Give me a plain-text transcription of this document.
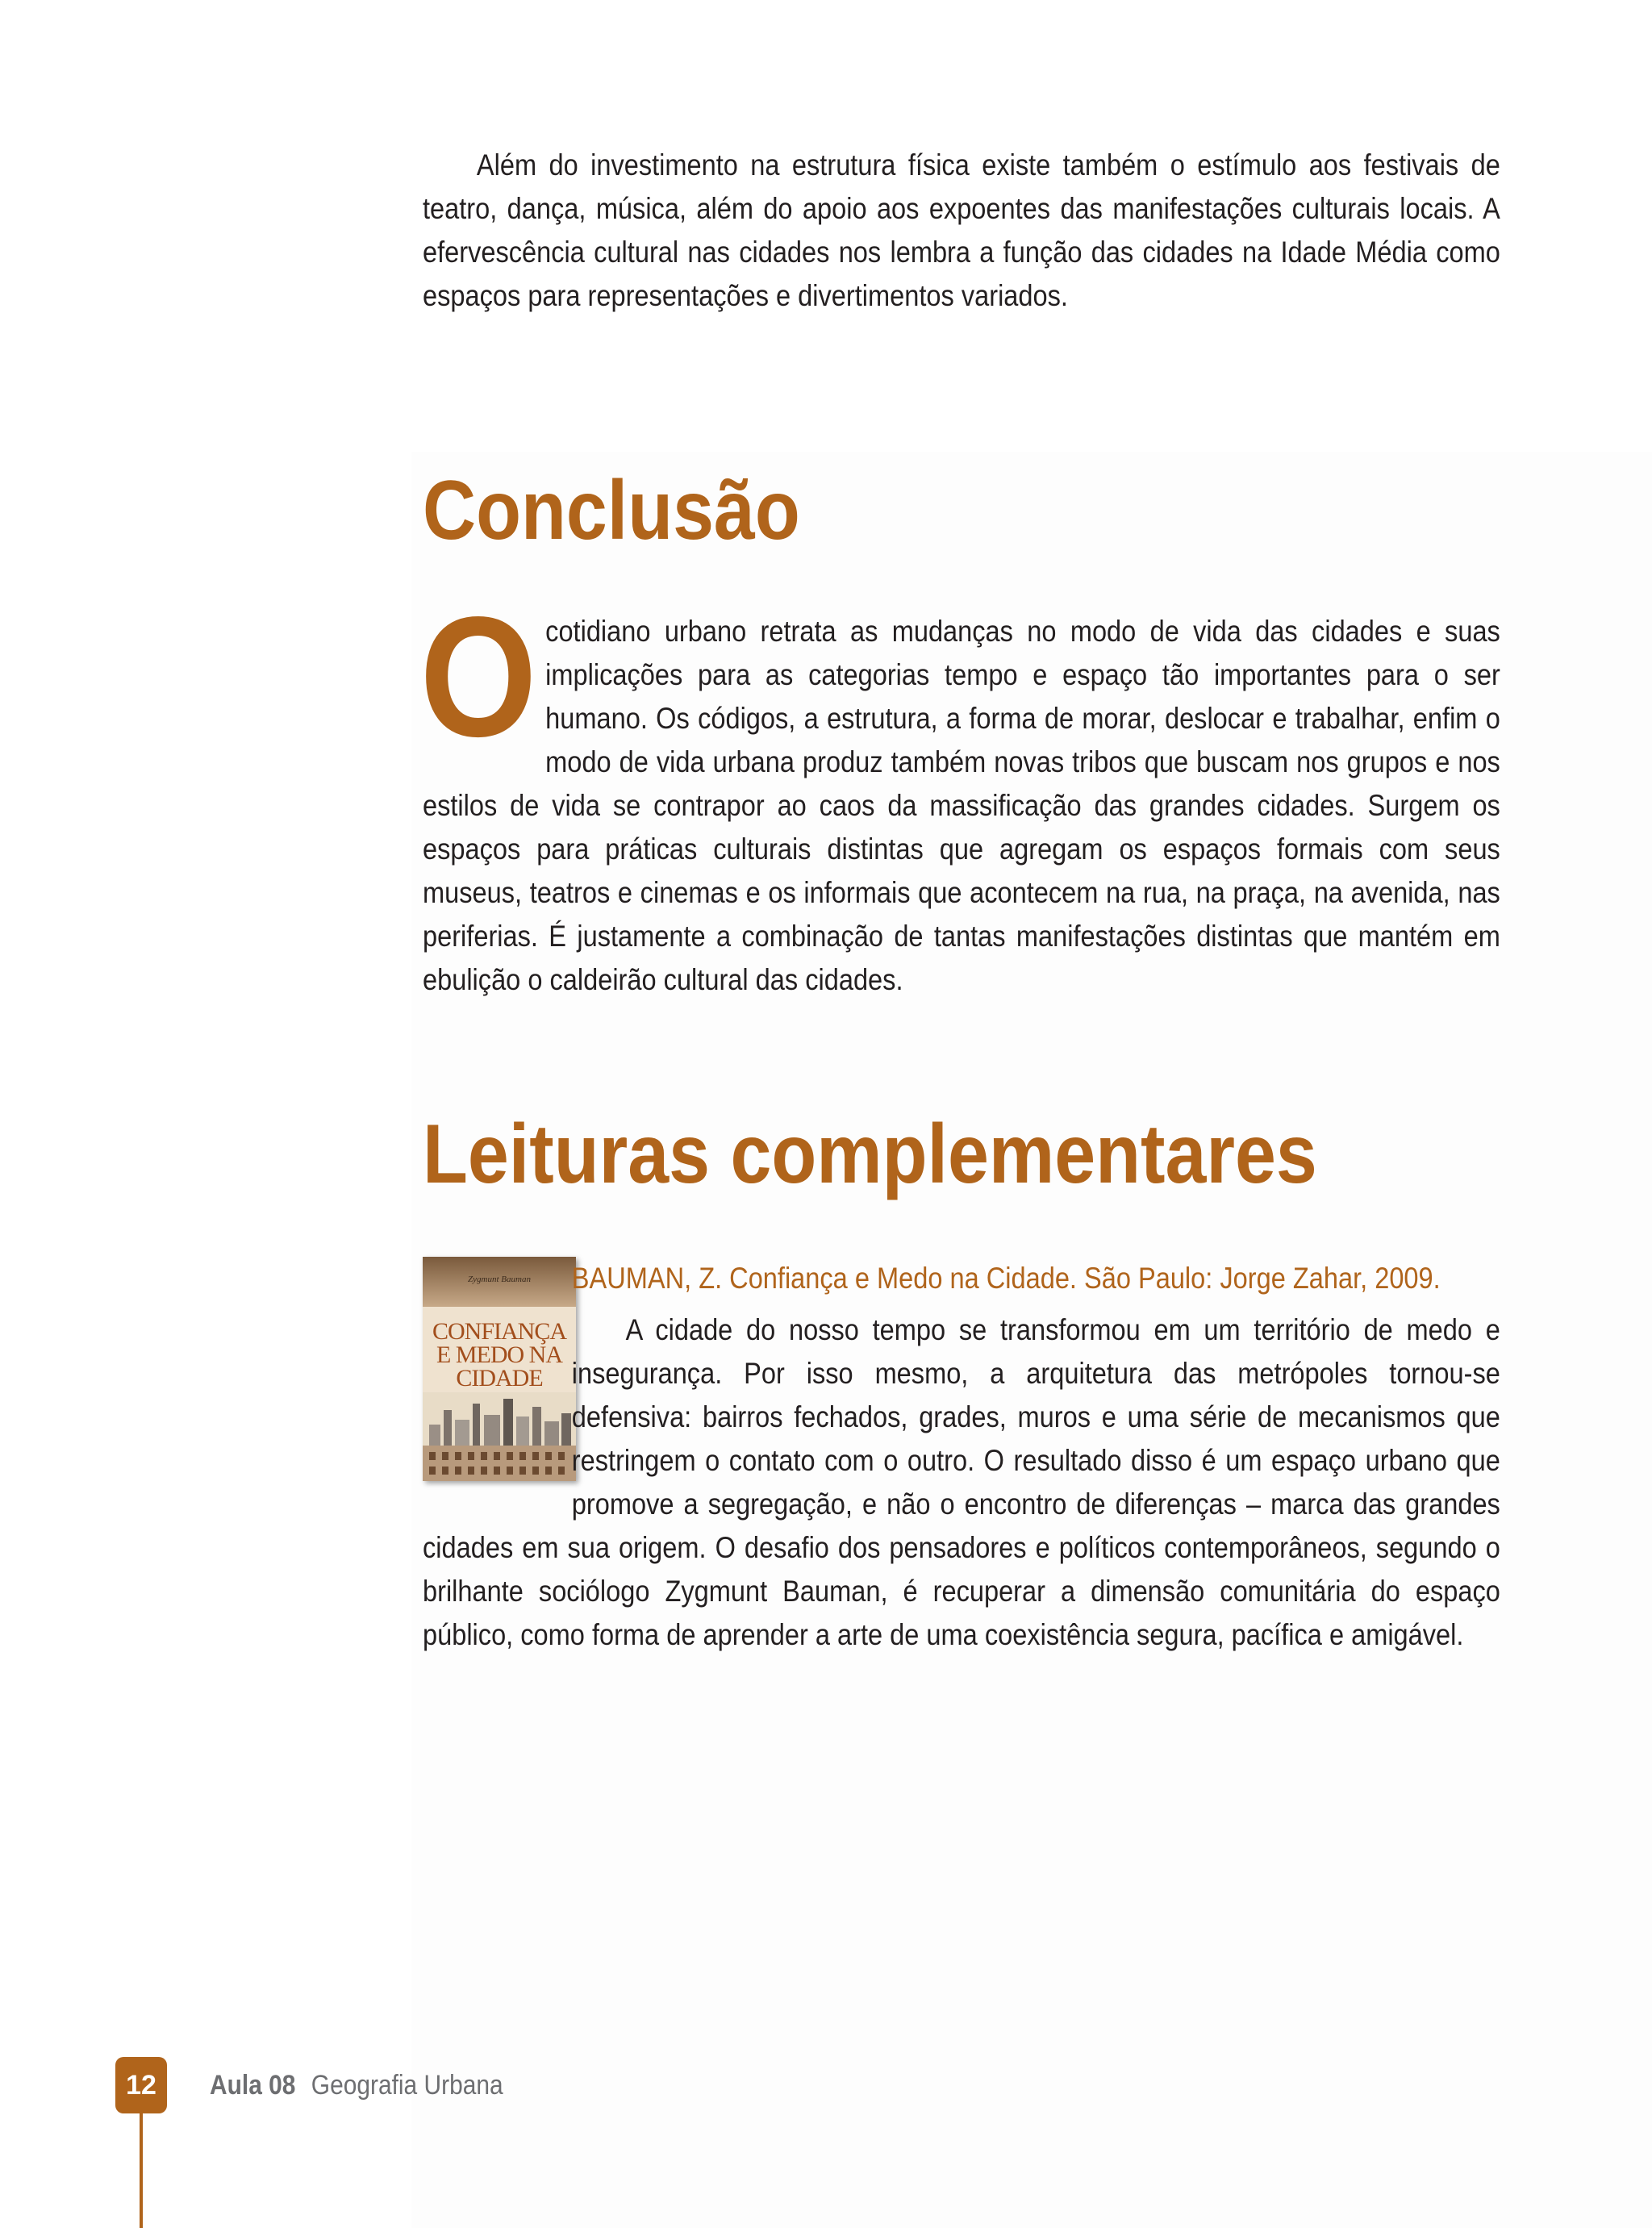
Além do investimento na estrutura física existe também o estímulo aos festivais de teatro, dança, música, além do apoio aos expoentes das manifestações culturais locais. A efervescência cultural nas cidades nos lembra a função das cidades na Idade Média como espaços para representações e divertimentos variados.

Conclusão

Ocotidiano urbano retrata as mudanças no modo de vida das cidades e suas implicações para as categorias tempo e espaço tão importantes para o ser humano. Os códigos, a estrutura, a forma de morar, deslocar e trabalhar, enfim o modo de vida urbana produz também novas tribos que buscam nos grupos e nos estilos de vida se contrapor ao caos da massificação das grandes cidades. Surgem os espaços para práticas culturais distintas que agregam os espaços formais com seus museus, teatros e cinemas e os informais que acontecem na rua, na praça, na avenida, nas periferias. É justamente a combinação de tantas manifestações distintas que mantém em ebulição o caldeirão cultural das cidades.

Leituras complementares
Zygmunt Bauman
CONFIANÇA
E MEDO NA
CIDADE
BAUMAN, Z. Confiança e Medo na Cidade. São Paulo: Jorge Zahar, 2009.

A cidade do nosso tempo se transformou em um território de medo e insegurança. Por isso mesmo, a arquitetura das metrópoles tornou-se defensiva: bairros fechados, grades, muros e uma série de mecanismos que restringem o contato com o outro. O resultado disso é um espaço urbano que promove a segregação, e não o encontro de diferenças – marca das grandes cidades em sua origem. O desafio dos pensadores e políticos contemporâneos, segundo o brilhante sociólogo Zygmunt Bauman, é recuperar a dimensão comunitária do espaço público, como forma de aprender a arte de uma coexistência segura, pacífica e amigável.

12	Aula 08 Geografia Urbana
